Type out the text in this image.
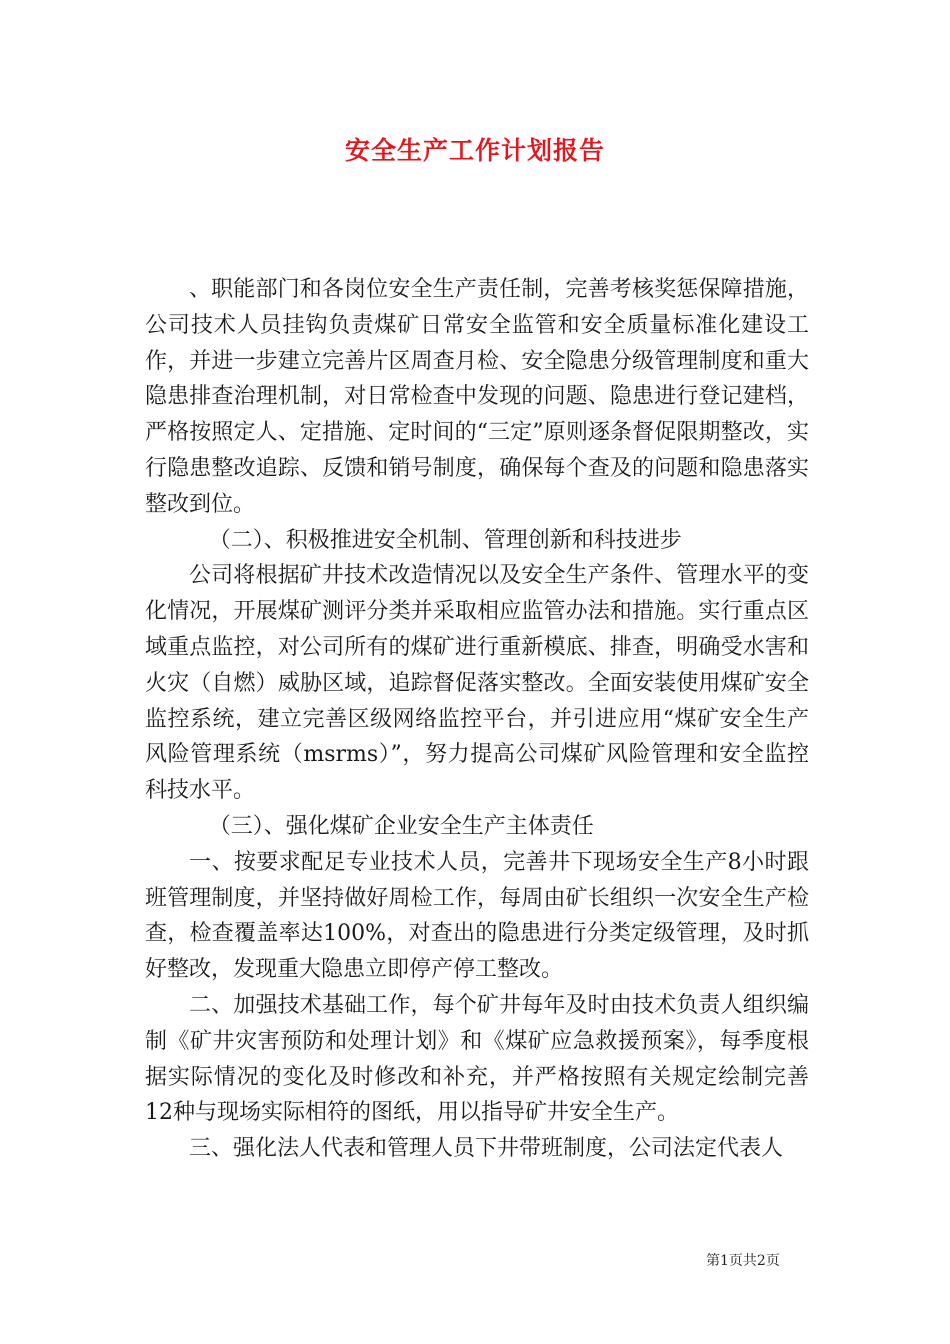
安全生产工作计划报告

、职能部门和各岗位安全生产责任制，完善考核奖惩保障措施，公司技术人员挂钩负责煤矿日常安全监管和安全质量标准化建设工作，并进一步建立完善片区周查月检、安全隐患分级管理制度和重大隐患排查治理机制，对日常检查中发现的问题、隐患进行登记建档，严格按照定人、定措施、定时间的“三定”原则逐条督促限期整改，实行隐患整改追踪、反馈和销号制度，确保每个查及的问题和隐患落实整改到位。

（二）、积极推进安全机制、管理创新和科技进步

公司将根据矿井技术改造情况以及安全生产条件、管理水平的变化情况，开展煤矿测评分类并采取相应监管办法和措施。实行重点区域重点监控，对公司所有的煤矿进行重新模底、排查，明确受水害和火灾（自燃）威胁区域，追踪督促落实整改。全面安装使用煤矿安全监控系统，建立完善区级网络监控平台，并引进应用“煤矿安全生产风险管理系统（msrms）”，努力提高公司煤矿风险管理和安全监控科技水平。

（三）、强化煤矿企业安全生产主体责任

一、按要求配足专业技术人员，完善井下现场安全生产8小时跟班管理制度，并坚持做好周检工作，每周由矿长组织一次安全生产检查，检查覆盖率达100%，对查出的隐患进行分类定级管理，及时抓好整改，发现重大隐患立即停产停工整改。

二、加强技术基础工作，每个矿井每年及时由技术负责人组织编制《矿井灾害预防和处理计划》和《煤矿应急救援预案》，每季度根据实际情况的变化及时修改和补充，并严格按照有关规定绘制完善12种与现场实际相符的图纸，用以指导矿井安全生产。

三、强化法人代表和管理人员下井带班制度，公司法定代表人

第1页共2页
